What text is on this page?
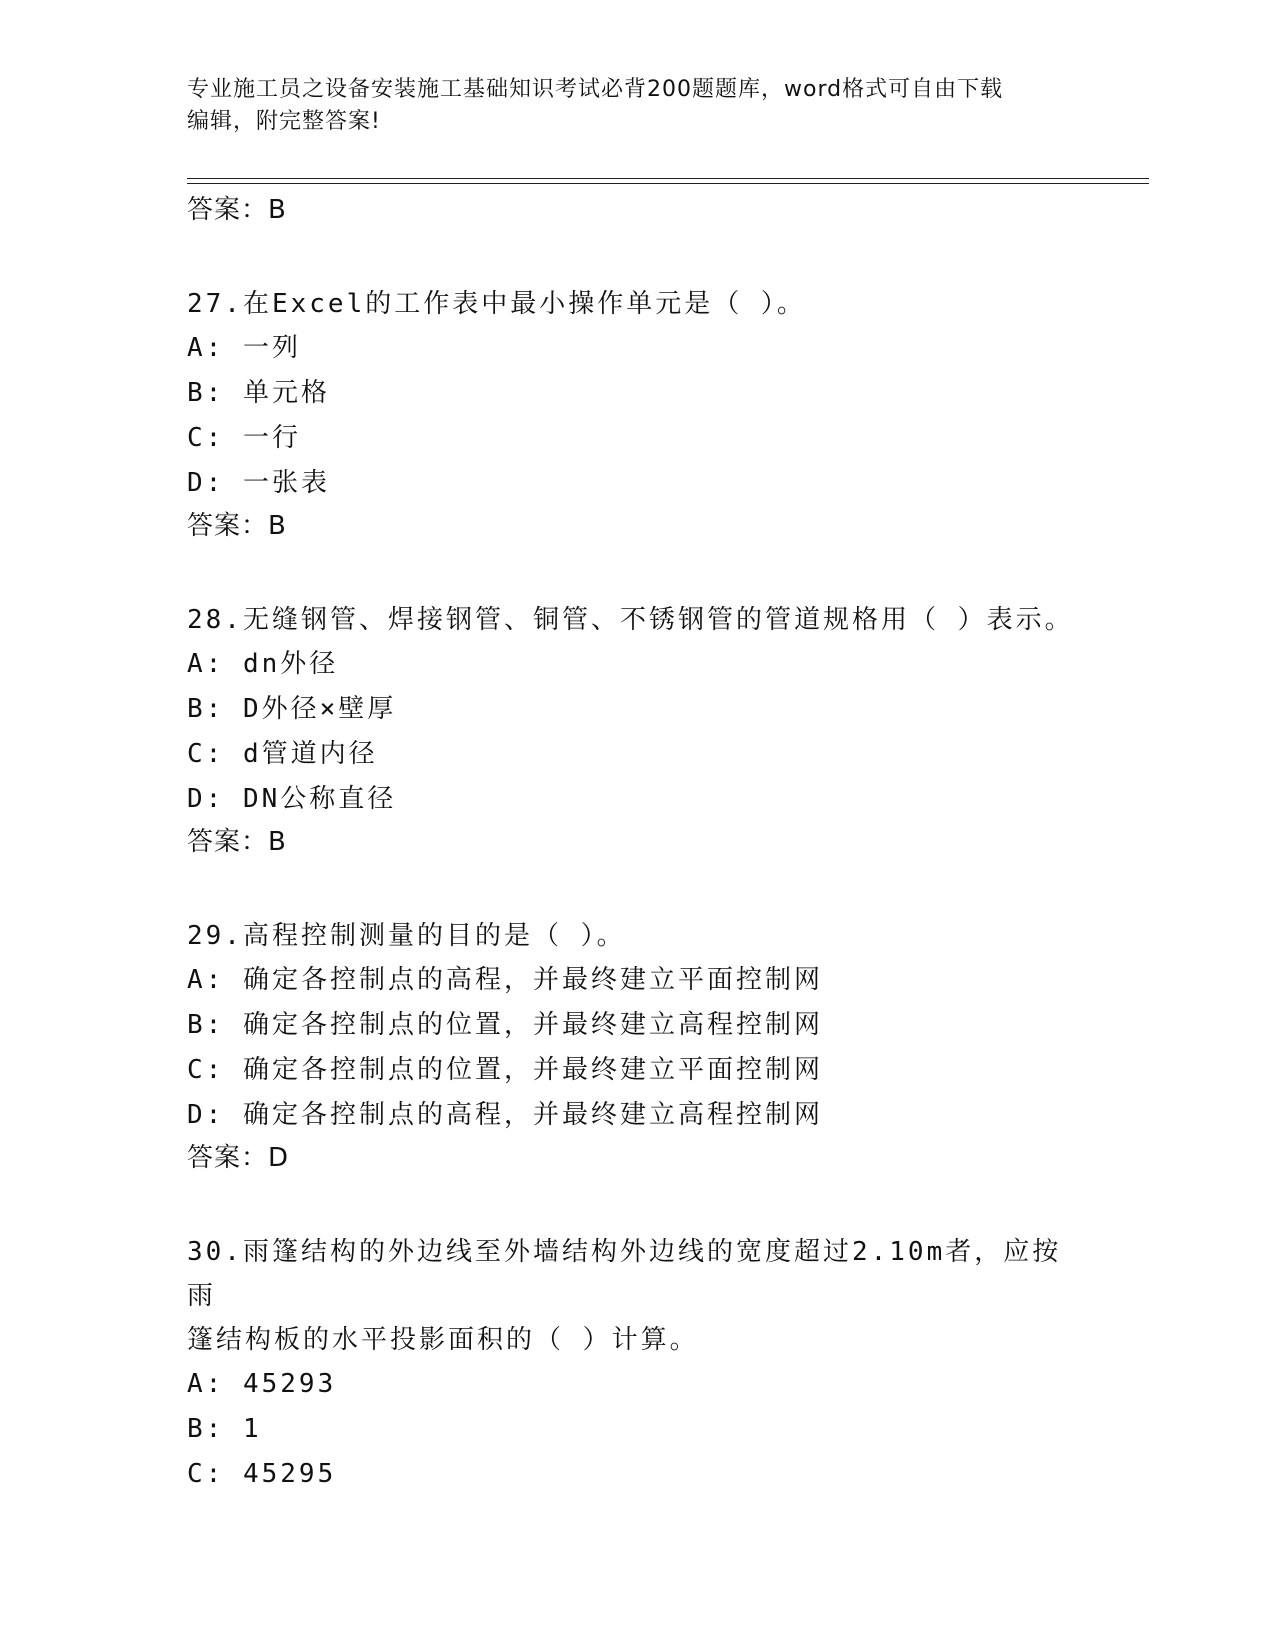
专业施工员之设备安装施工基础知识考试必背200题题库，word格式可自由下载
编辑，附完整答案!
答案：B
27.在Excel的工作表中最小操作单元是（ ）。
A: 一列
B: 单元格
C: 一行
D: 一张表
答案：B
28.无缝钢管、焊接钢管、铜管、不锈钢管的管道规格用（ ）表示。
A: dn外径
B: D外径×壁厚
C: d管道内径
D: DN公称直径
答案：B
29.高程控制测量的目的是（ ）。
A: 确定各控制点的高程，并最终建立平面控制网
B: 确定各控制点的位置，并最终建立高程控制网
C: 确定各控制点的位置，并最终建立平面控制网
D: 确定各控制点的高程，并最终建立高程控制网
答案：D
30.雨篷结构的外边线至外墙结构外边线的宽度超过2.10m者，应按雨
篷结构板的水平投影面积的（ ）计算。
A: 45293
B: 1
C: 45295
